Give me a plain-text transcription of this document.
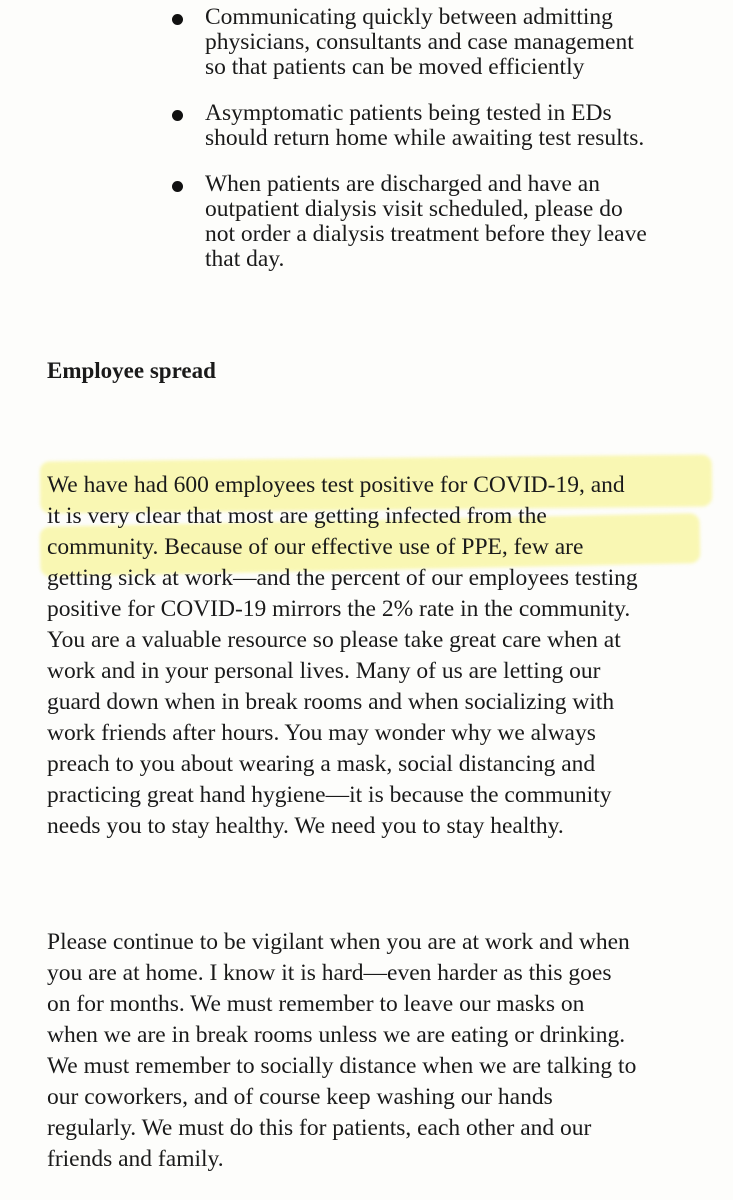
Communicating quickly between admitting
physicians, consultants and case management
so that patients can be moved efficiently
Asymptomatic patients being tested in EDs
should return home while awaiting test results.
When patients are discharged and have an
outpatient dialysis visit scheduled, please do
not order a dialysis treatment before they leave
that day.
Employee spread
We have had 600 employees test positive for COVID-19, and
it is very clear that most are getting infected from the
community. Because of our effective use of PPE, few are
getting sick at work—and the percent of our employees testing
positive for COVID-19 mirrors the 2% rate in the community.
You are a valuable resource so please take great care when at
work and in your personal lives. Many of us are letting our
guard down when in break rooms and when socializing with
work friends after hours. You may wonder why we always
preach to you about wearing a mask, social distancing and
practicing great hand hygiene—it is because the community
needs you to stay healthy. We need you to stay healthy.
Please continue to be vigilant when you are at work and when
you are at home. I know it is hard—even harder as this goes
on for months. We must remember to leave our masks on
when we are in break rooms unless we are eating or drinking.
We must remember to socially distance when we are talking to
our coworkers, and of course keep washing our hands
regularly. We must do this for patients, each other and our
friends and family.
